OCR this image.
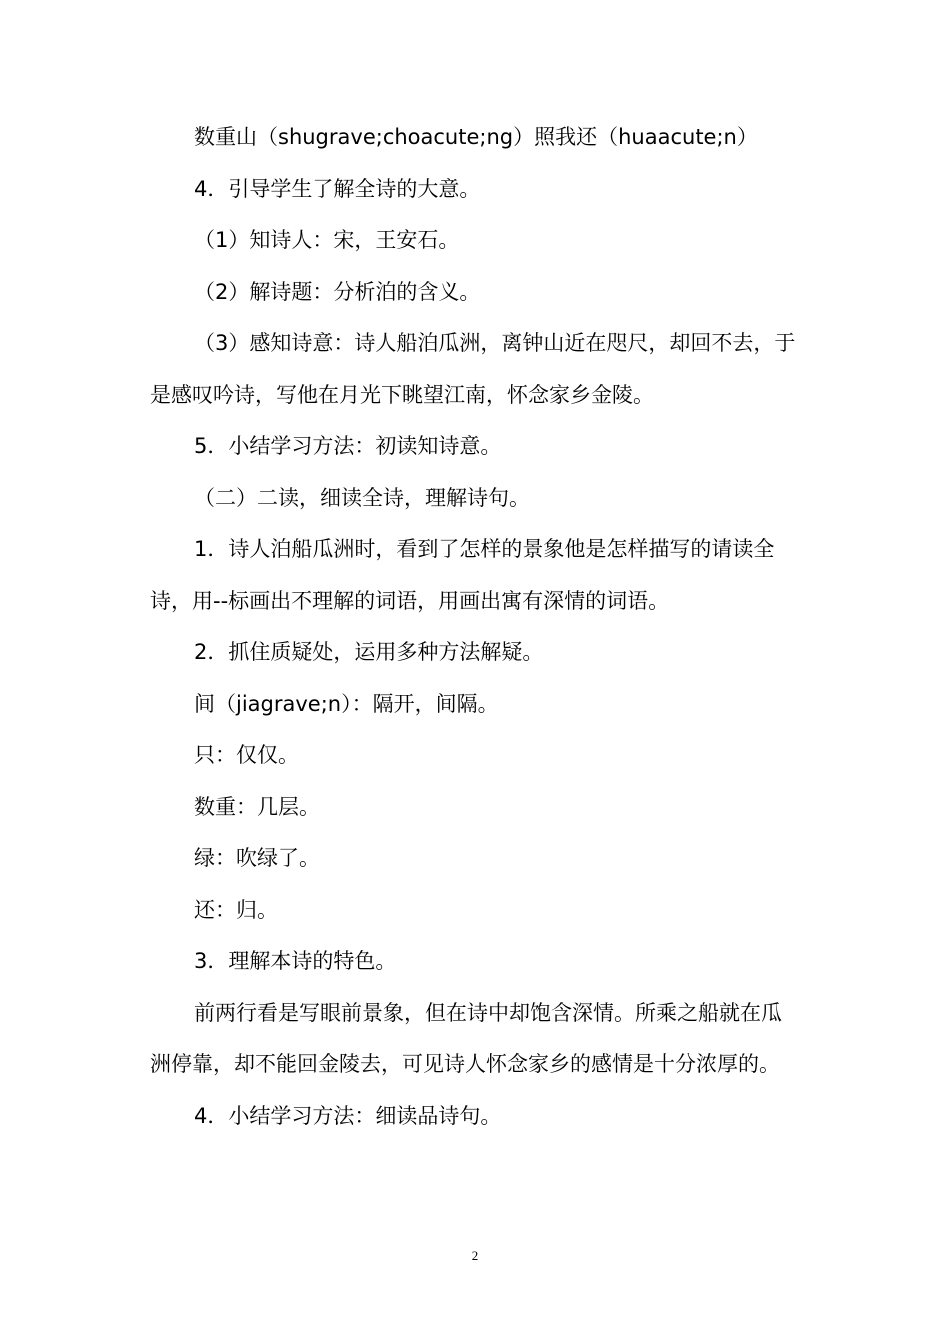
数重山（shugrave;choacute;ng）照我还（huaacute;n）

4．引导学生了解全诗的大意。

（1）知诗人：宋，王安石。

（2）解诗题：分析泊的含义。

（3）感知诗意：诗人船泊瓜洲，离钟山近在咫尺，却回不去，于是感叹吟诗，写他在月光下眺望江南，怀念家乡金陵。

5．小结学习方法：初读知诗意。

（二）二读，细读全诗，理解诗句。

1．诗人泊船瓜洲时，看到了怎样的景象他是怎样描写的请读全诗，用--标画出不理解的词语，用画出寓有深情的词语。

2．抓住质疑处，运用多种方法解疑。

间（jiagrave;n）：隔开，间隔。

只：仅仅。

数重：几层。

绿：吹绿了。

还：归。

3．理解本诗的特色。

前两行看是写眼前景象，但在诗中却饱含深情。所乘之船就在瓜洲停靠，却不能回金陵去，可见诗人怀念家乡的感情是十分浓厚的。

4．小结学习方法：细读品诗句。

2
